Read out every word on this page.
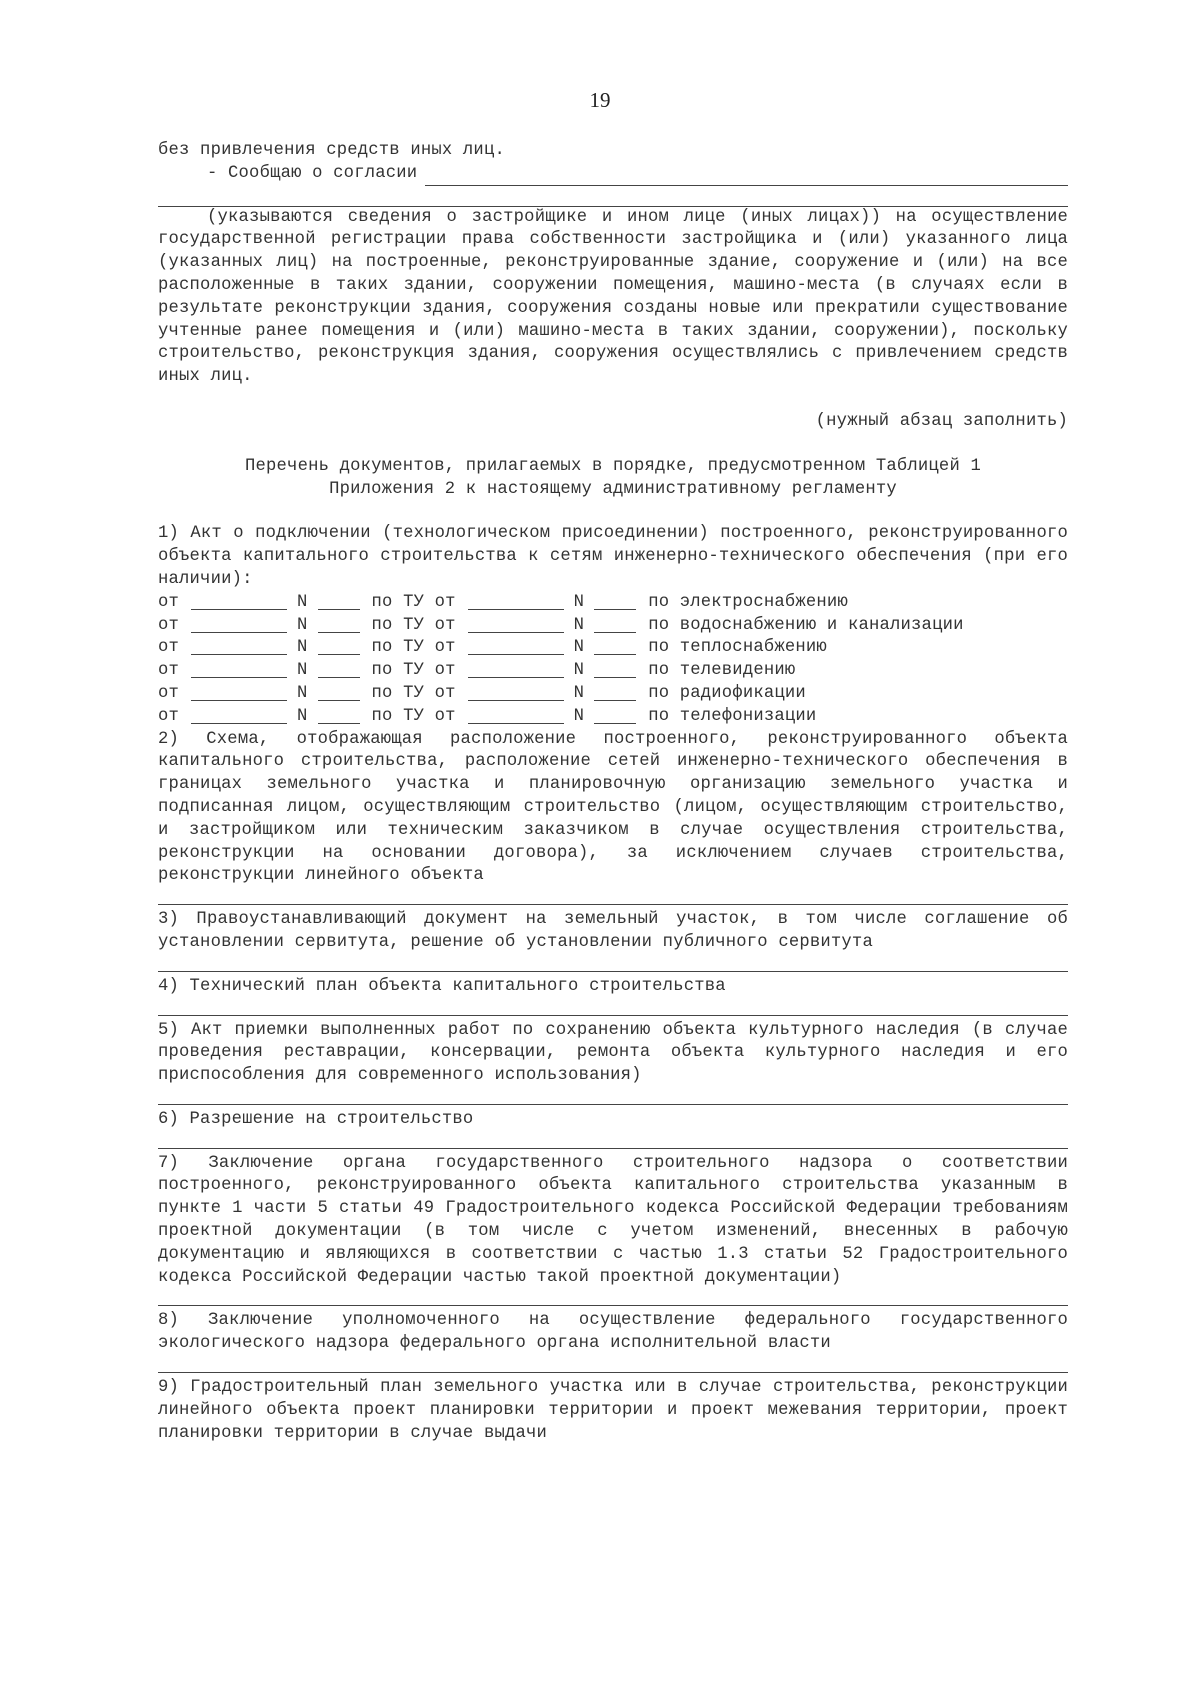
19

без привлечения средств иных лиц.

- Сообщаю о согласии

(указываются сведения о застройщике и ином лице (иных лицах)) на осуществление государственной регистрации права собственности застройщика и (или) указанного лица (указанных лиц) на построенные, реконструированные здание, сооружение и (или) на все расположенные в таких здании, сооружении помещения, машино-места (в случаях если в результате реконструкции здания, сооружения созданы новые или прекратили существование учтенные ранее помещения и (или) машино-места в таких здании, сооружении), поскольку строительство, реконструкция здания, сооружения осуществлялись с привлечением средств иных лиц.

(нужный абзац заполнить)

Перечень документов, прилагаемых в порядке, предусмотренном Таблицей 1

Приложения 2 к настоящему административному регламенту

1) Акт о подключении (технологическом присоединении) построенного, реконструированного объекта капитального строительства к сетям инженерно-технического обеспечения (при его наличии):

от	N	по ТУ от	N	по электроснабжению
от	N	по ТУ от	N	по водоснабжению и канализации
от	N	по ТУ от	N	по теплоснабжению
от	N	по ТУ от	N	по телевидению
от	N	по ТУ от	N	по радиофикации
от	N	по ТУ от	N	по телефонизации

2) Схема, отображающая расположение построенного, реконструированного объекта капитального строительства, расположение сетей инженерно-технического обеспечения в границах земельного участка и планировочную организацию земельного участка и подписанная лицом, осуществляющим строительство (лицом, осуществляющим строительство, и застройщиком или техническим заказчиком в случае осуществления строительства, реконструкции на основании договора), за исключением случаев строительства, реконструкции линейного объекта

3) Правоустанавливающий документ на земельный участок, в том числе соглашение об установлении сервитута, решение об установлении публичного сервитута

4) Технический план объекта капитального строительства

5) Акт приемки выполненных работ по сохранению объекта культурного наследия (в случае проведения реставрации, консервации, ремонта объекта культурного наследия и его приспособления для современного использования)

6) Разрешение на строительство

7) Заключение органа государственного строительного надзора о соответствии построенного, реконструированного объекта капитального строительства указанным в пункте 1 части 5 статьи 49 Градостроительного кодекса Российской Федерации требованиям проектной документации (в том числе с учетом изменений, внесенных в рабочую документацию и являющихся в соответствии с частью 1.3 статьи 52 Градостроительного кодекса Российской Федерации частью такой проектной документации)

8) Заключение уполномоченного на осуществление федерального государственного экологического надзора федерального органа исполнительной власти

9) Градостроительный план земельного участка или в случае строительства, реконструкции линейного объекта проект планировки территории и проект межевания территории, проект планировки территории в случае выдачи
